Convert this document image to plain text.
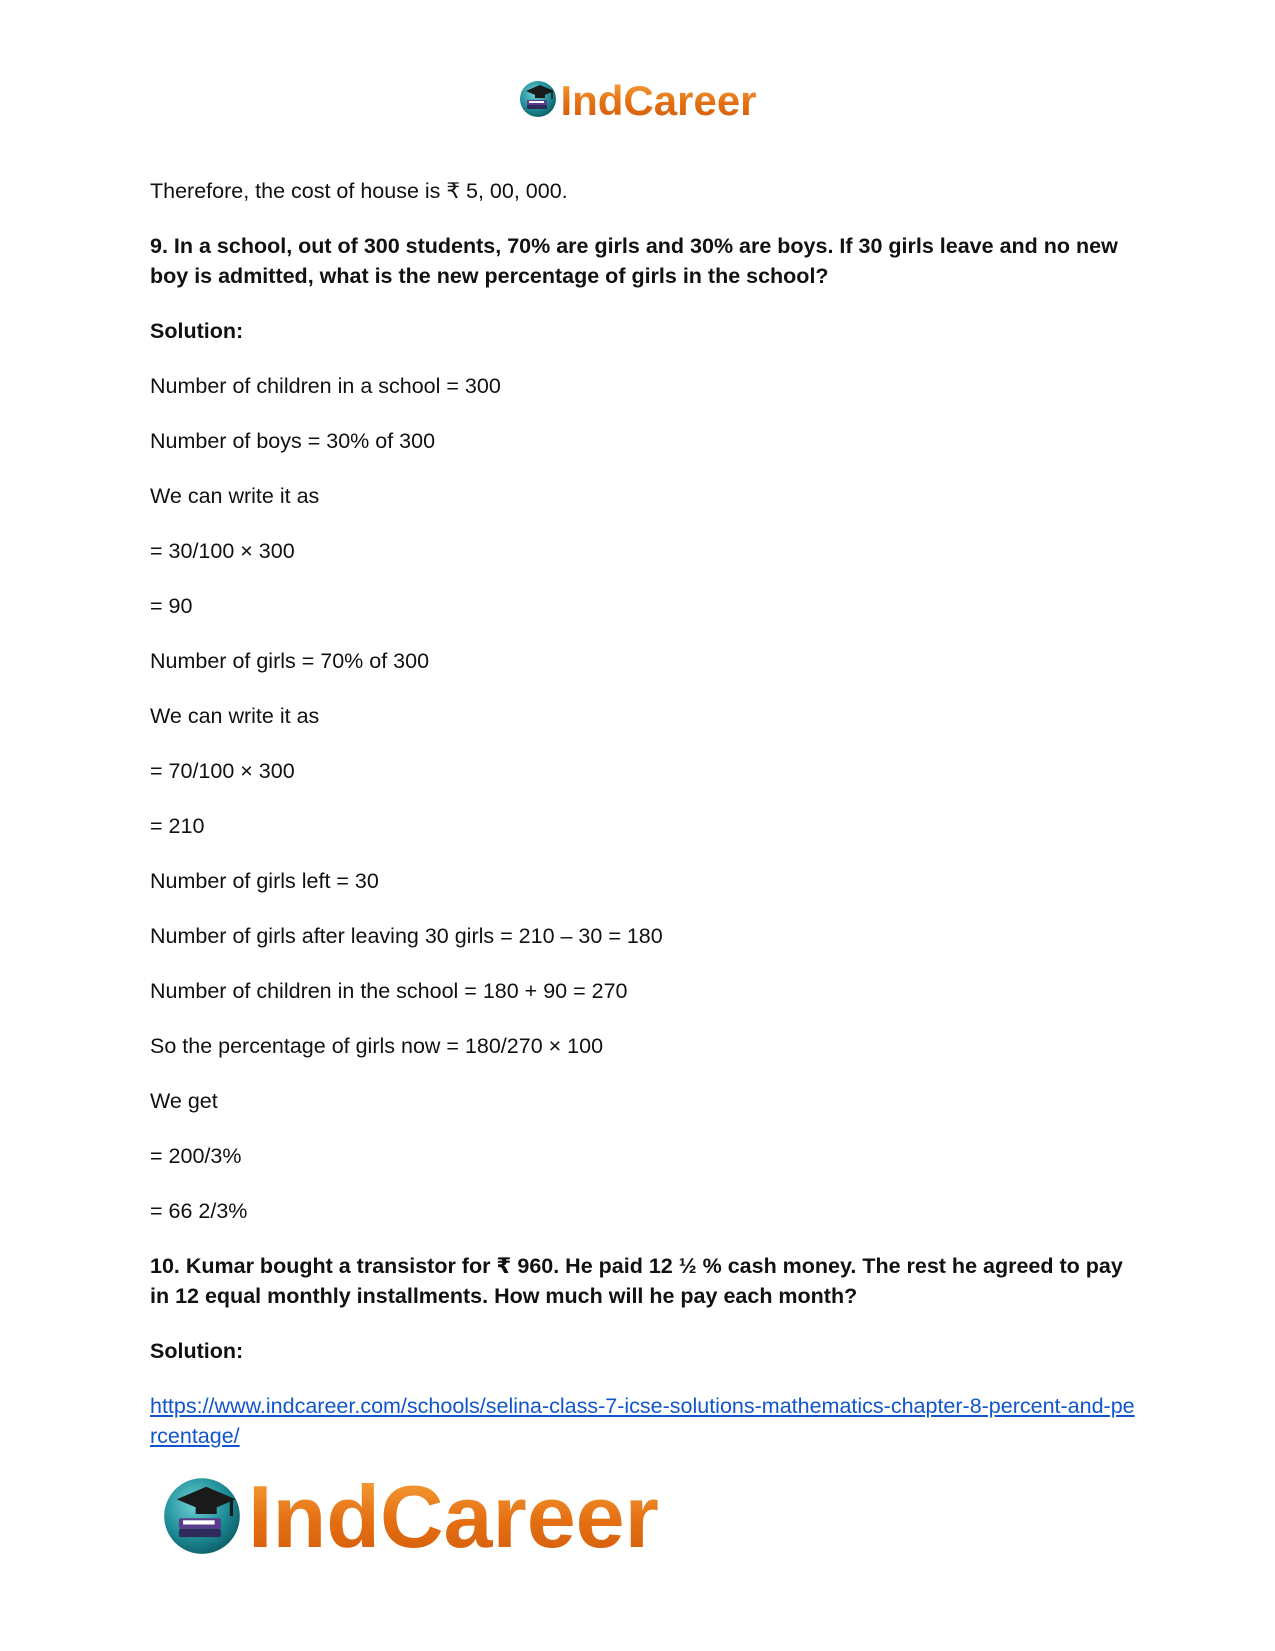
IndCareer

Therefore, the cost of house is ₹ 5, 00, 000.

9. In a school, out of 300 students, 70% are girls and 30% are boys. If 30 girls leave and no new boy is admitted, what is the new percentage of girls in the school?

Solution:

Number of children in a school = 300

Number of boys = 30% of 300

We can write it as

= 30/100 × 300

= 90

Number of girls = 70% of 300

We can write it as

= 70/100 × 300

= 210

Number of girls left = 30

Number of girls after leaving 30 girls = 210 – 30 = 180

Number of children in the school = 180 + 90 = 270

So the percentage of girls now = 180/270 × 100

We get

= 200/3%

= 66 2/3%

10. Kumar bought a transistor for ₹ 960. He paid 12 ½ % cash money. The rest he agreed to pay in 12 equal monthly installments. How much will he pay each month?

Solution:

https://www.indcareer.com/schools/selina-class-7-icse-solutions-mathematics-chapter-8-percent-and-percentage/
IndCareer
